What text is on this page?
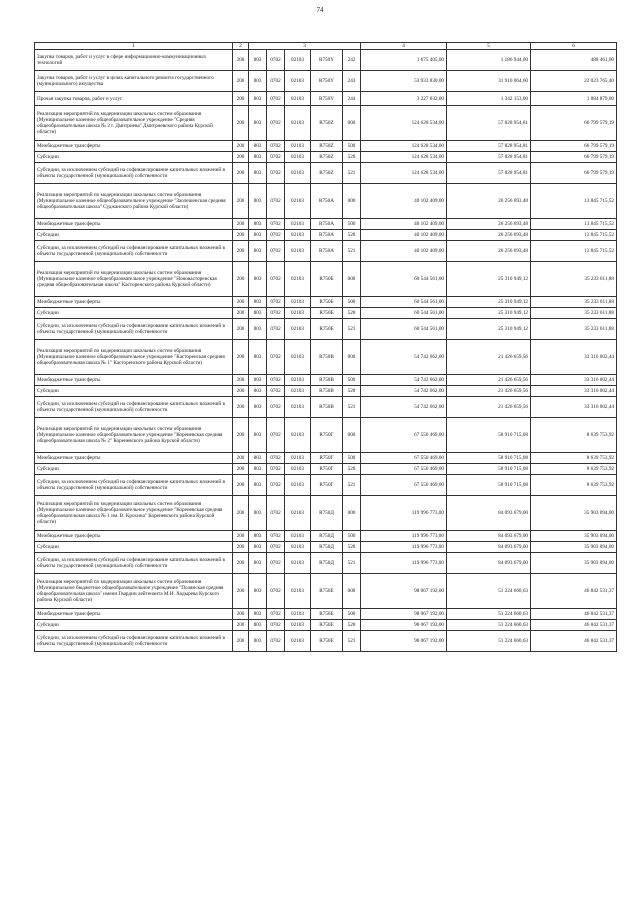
74
1	2	3					4	5	6
Закупка товаров, работ и услуг в сфере информационно-коммуникационных технологий	200	803	0702	02103	R750Y	242	1 675 405,00	1 186 944,00	488 461,00
Закупка товаров, работ и услуг в целях капитального ремонта государственного (муниципального) имущества	200	803	0702	02103	R750Y	243	53 933 830,00	31 910 064,60	22 023 765,40
Прочая закупка товаров, работ и услуг	200	803	0702	02103	R750Y	244	3 227 032,00	1 342 153,00	1 884 879,00
Реализация мероприятий по модернизации школьных систем образования (Муниципальное казенное общеобразовательное учреждение "Средняя общеобразовательная школа № 2 г. Дмитриева" Дмитриевского района Курской области)	200	803	0702	02103	R750Z	000	124 628 534,00	57 828 954,81	66 799 579,19
Межбюджетные трансферты	200	803	0702	02103	R750Z	500	124 628 534,00	57 828 954,81	66 799 579,19
Субсидии	200	803	0702	02103	R750Z	520	124 628 534,00	57 828 954,81	66 799 579,19
Субсидии, за исключением субсидий на софинансирование капитальных вложений в объекты государственной (муниципальной) собственности	200	803	0702	02103	R750Z	521	124 628 534,00	57 828 954,81	66 799 579,19
Реализация мероприятий по модернизации школьных систем образования (Муниципальное казенное общеобразовательное учреждение "Заолешенская средняя общеобразовательная школа" Суджанского района Курской области)	200	803	0702	02103	R750А	000	40 102 409,00	26 256 693,48	13 845 715,52
Межбюджетные трансферты	200	803	0702	02103	R750А	500	40 102 409,00	26 256 693,48	13 845 715,52
Субсидии	200	803	0702	02103	R750А	520	40 102 409,00	26 256 693,48	13 845 715,52
Субсидии, за исключением субсидий на софинансирование капитальных вложений в объекты государственной (муниципальной) собственности	200	803	0702	02103	R750А	521	40 102 409,00	26 256 693,48	13 845 715,52
Реализация мероприятий по модернизации школьных систем образования (Муниципальное казенное общеобразовательное учреждение "Ноновасторенская средняя общеобразовательная школа" Касторенского района Курской области)	200	803	0702	02103	R750Б	000	60 544 561,00	25 310 949,12	35 233 611,88
Межбюджетные трансферты	200	803	0702	02103	R750Б	500	60 544 561,00	25 310 949,12	35 233 611,88
Субсидии	200	803	0702	02103	R750Б	520	60 544 561,00	25 310 949,12	35 233 611,88
Субсидии, за исключением субсидий на софинансирование капитальных вложений в объекты государственной (муниципальной) собственности	200	803	0702	02103	R750Б	521	60 544 561,00	25 310 949,12	35 233 611,88
Реализация мероприятий по модернизации школьных систем образования (Муниципальное казенное общеобразовательное учреждение "Касторенская средняя общеобразовательная школа № 1" Касторенского района Курской области)	200	803	0702	02103	R750В	000	54 742 662,00	21 426 659,56	33 316 002,44
Межбюджетные трансферты	200	803	0702	02103	R750В	500	54 742 662,00	21 426 659,56	33 316 002,44
Субсидии	200	803	0702	02103	R750В	520	54 742 662,00	21 426 659,56	33 316 002,44
Субсидии, за исключением субсидий на софинансирование капитальных вложений в объекты государственной (муниципальной) собственности	200	803	0702	02103	R750В	521	54 742 662,00	21 426 659,56	33 316 002,44
Реализация мероприятий по модернизации школьных систем образования (Муниципальное казенное общеобразовательное учреждение "Кореневская средняя общеобразовательная школа № 2" Кореневского района Курской области)	200	803	0702	02103	R750Г	000	67 550 469,00	58 910 715,08	8 639 753,92
Межбюджетные трансферты	200	803	0702	02103	R750Г	500	67 550 469,00	58 910 715,08	8 639 753,92
Субсидии	200	803	0702	02103	R750Г	520	67 550 469,00	58 910 715,08	8 639 753,92
Субсидии, за исключением субсидий на софинансирование капитальных вложений в объекты государственной (муниципальной) собственности	200	803	0702	02103	R750Г	521	67 550 469,00	58 910 715,08	8 639 753,92
Реализация мероприятий по модернизации школьных систем образования (Муниципальное казенное общеобразовательное учреждение "Кореневская средняя общеобразовательная школа № 1 им. В. Крохина" Кореневского района Курской области)	200	803	0702	02103	R750Д	000	119 996 773,00	84 093 679,00	35 903 094,00
Межбюджетные трансферты	200	803	0702	02103	R750Д	500	119 996 773,00	84 093 679,00	35 903 094,00
Субсидии	200	803	0702	02103	R750Д	520	119 996 773,00	84 093 679,00	35 903 094,00
Субсидии, за исключением субсидий на софинансирование капитальных вложений в объекты государственной (муниципальной) собственности	200	803	0702	02103	R750Д	521	119 996 773,00	84 093 679,00	35 903 094,00
Реализация мероприятий по модернизации школьных систем образования (Муниципальное бюджетное общеобразовательное учреждение "Полянская средняя общеобразовательная школа" имени Гвардии лейтенанта М.И. Ходырева Курского района Курской области)	200	803	0702	02103	R750Е	000	98 067 192,00	51 224 660,63	46 842 531,37
Межбюджетные трансферты	200	803	0702	02103	R750Е	500	98 067 192,00	51 224 660,63	46 842 531,37
Субсидии	200	803	0702	02103	R750Е	520	98 067 192,00	51 224 660,63	46 842 531,37
Субсидии, за исключением субсидий на софинансирование капитальных вложений в объекты государственной (муниципальной) собственности	200	803	0702	02103	R750Е	521	98 067 192,00	51 224 660,63	46 842 531,37
